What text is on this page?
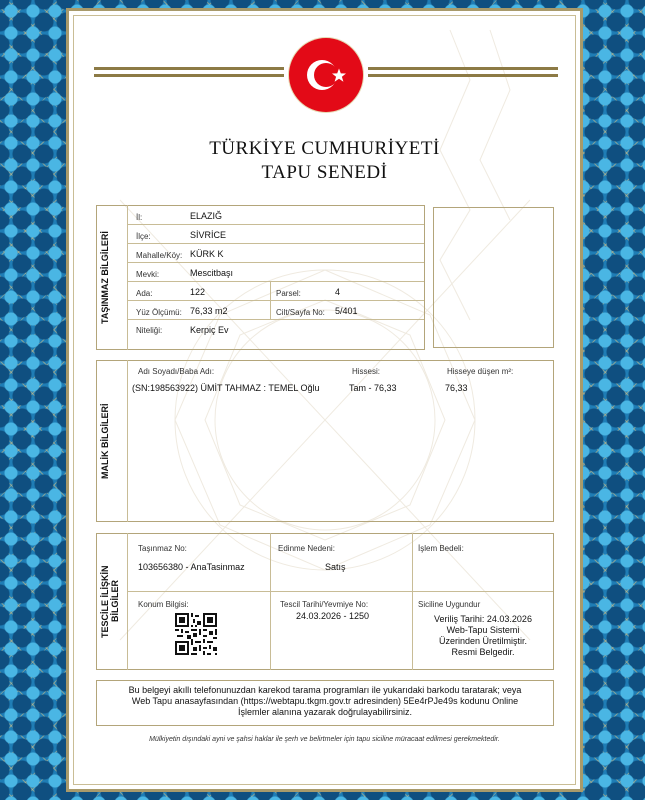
TÜRKİYE CUMHURİYETİ
TAPU SENEDİ
TAŞINMAZ BİLGİLERİ
İl:	ELAZIĞ
İlçe:	SİVRİCE
Mahalle/Köy: KÜRK K
Mevki:	Mescitbaşı
Ada:	122	Parsel:	4
Yüz Ölçümü: 76,33 m2	Cilt/Sayfa No: 5/401
Niteliği:	Kerpiç Ev
MALİK BİLGİLERİ
Adı Soyadı/Baba Adı:	Hissesi:	Hisseye düşen m²:
(SN:198563922) ÜMİT TAHMAZ : TEMEL Oğlu	Tam - 76,33	76,33
TESCİLE İLİŞKİN
BİLGİLER
Taşınmaz No:
103656380 - AnaTasinmaz
Edinme Nedeni:
Satış
İşlem Bedeli:
Konum Bilgisi:	Tescil Tarihi/Yevmiye No:
24.03.2026 - 1250
Siciline Uygundur
Veriliş Tarihi: 24.03.2026
Web-Tapu Sistemi
Üzerinden Üretilmiştir.
Resmi Belgedir.
Bu belgeyi akıllı telefonunuzdan karekod tarama programları ile yukarıdaki barkodu taratarak; veya
Web Tapu anasayfasından (https://webtapu.tkgm.gov.tr adresinden) 5Ee4rPJe49s kodunu Online
İşlemler alanına yazarak doğrulayabilirsiniz.
Mülkiyetin dışındaki ayni ve şahsi haklar ile şerh ve belirtmeler için tapu siciline müracaat edilmesi gerekmektedir.
